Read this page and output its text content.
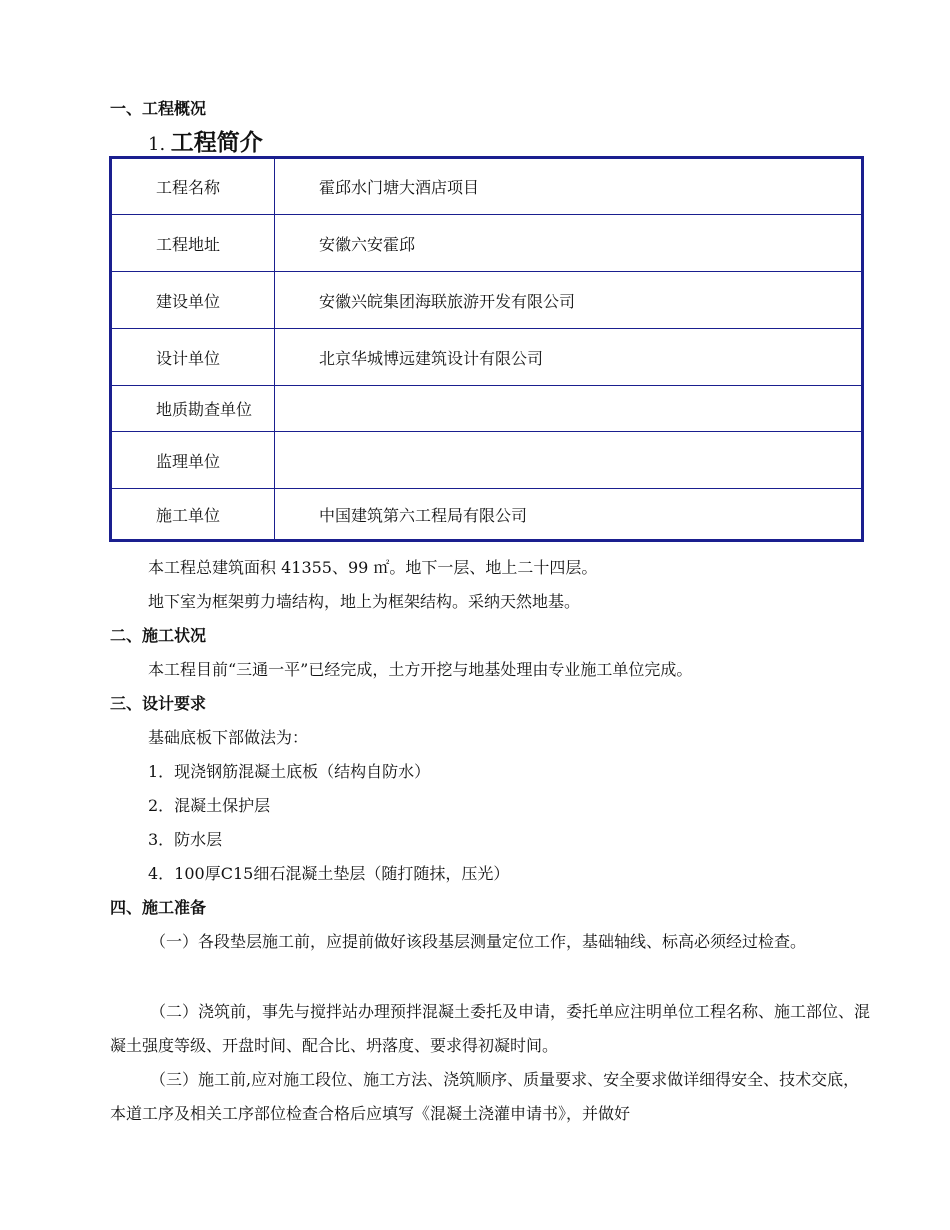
一、工程概况
1. 工程简介
工程名称	霍邱水门塘大酒店项目
工程地址	安徽六安霍邱
建设单位	安徽兴皖集团海联旅游开发有限公司
设计单位	北京华城博远建筑设计有限公司
地质勘查单位	
监理单位	
施工单位	中国建筑第六工程局有限公司
本工程总建筑面积 41355、99 ㎡。地下一层、地上二十四层。
地下室为框架剪力墙结构，地上为框架结构。采纳天然地基。
二、施工状况
本工程目前“三通一平”已经完成，土方开挖与地基处理由专业施工单位完成。
三、设计要求
基础底板下部做法为：
1．现浇钢筋混凝土底板（结构自防水）
2．混凝土保护层
3．防水层
4．100厚C15细石混凝土垫层（随打随抹，压光）
四、施工准备
（一）各段垫层施工前，应提前做好该段基层测量定位工作，基础轴线、标高必须经过检查。
（二）浇筑前，事先与搅拌站办理预拌混凝土委托及申请，委托单应注明单位工程名称、施工部位、混凝土强度等级、开盘时间、配合比、坍落度、要求得初凝时间。
（三）施工前,应对施工段位、施工方法、浇筑顺序、质量要求、安全要求做详细得安全、技术交底，本道工序及相关工序部位检查合格后应填写《混凝土浇灌申请书》，并做好
